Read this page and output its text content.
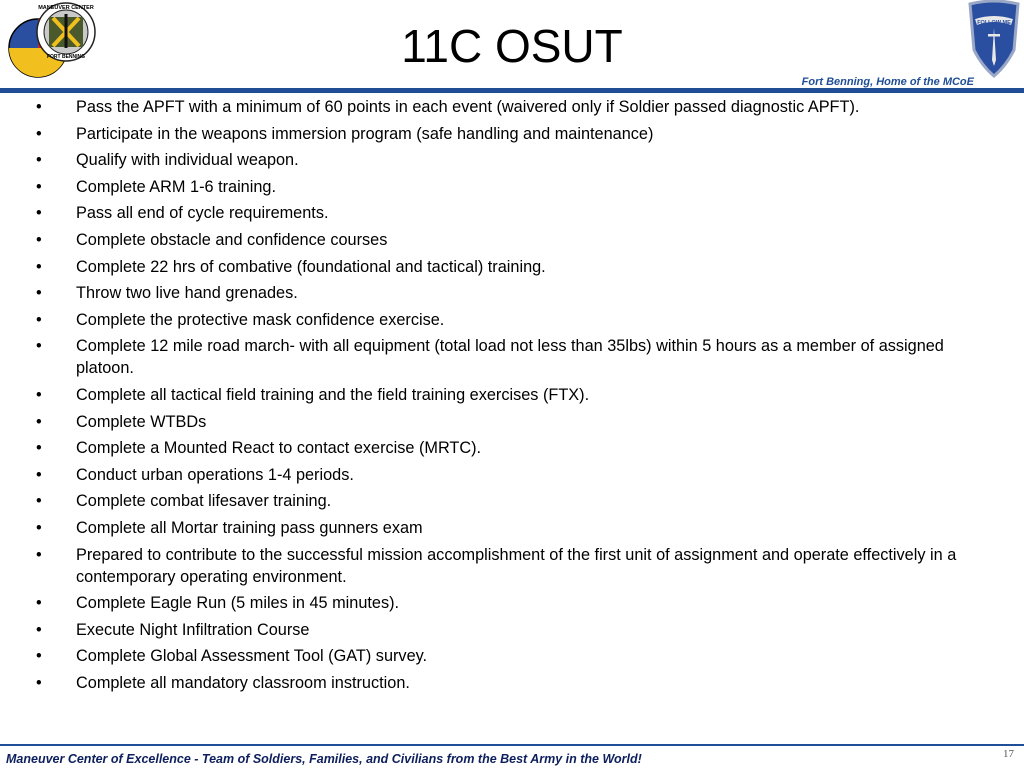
MANEUVER CENTER
FORT BENNING	11C OSUT	FOLLOW ME
Fort Benning, Home of the MCoE
• Pass the APFT with a minimum of 60 points in each event (waivered only if Soldier passed diagnostic APFT).
• Participate in the weapons immersion program (safe handling and maintenance)
• Qualify with individual weapon.
• Complete ARM 1-6 training.
• Pass all end of cycle requirements.
• Complete obstacle and confidence courses
• Complete 22 hrs of combative (foundational and tactical) training.
• Throw two live hand grenades.
• Complete the protective mask confidence exercise.
• Complete 12 mile road march- with all equipment (total load not less than 35lbs) within 5 hours as a member of assigned platoon.
• Complete all tactical field training and the field training exercises (FTX).
• Complete WTBDs
• Complete a Mounted React to contact exercise (MRTC).
• Conduct urban operations 1-4 periods.
• Complete combat lifesaver training.
• Complete all Mortar training pass gunners exam
• Prepared to contribute to the successful mission accomplishment of the first unit of assignment and operate effectively in a contemporary operating environment.
• Complete Eagle Run (5 miles in 45 minutes).
• Execute Night Infiltration Course
• Complete Global Assessment Tool (GAT) survey.
• Complete all mandatory classroom instruction.
Maneuver Center of Excellence - Team of Soldiers, Families, and Civilians from the Best Army in the World!	17
